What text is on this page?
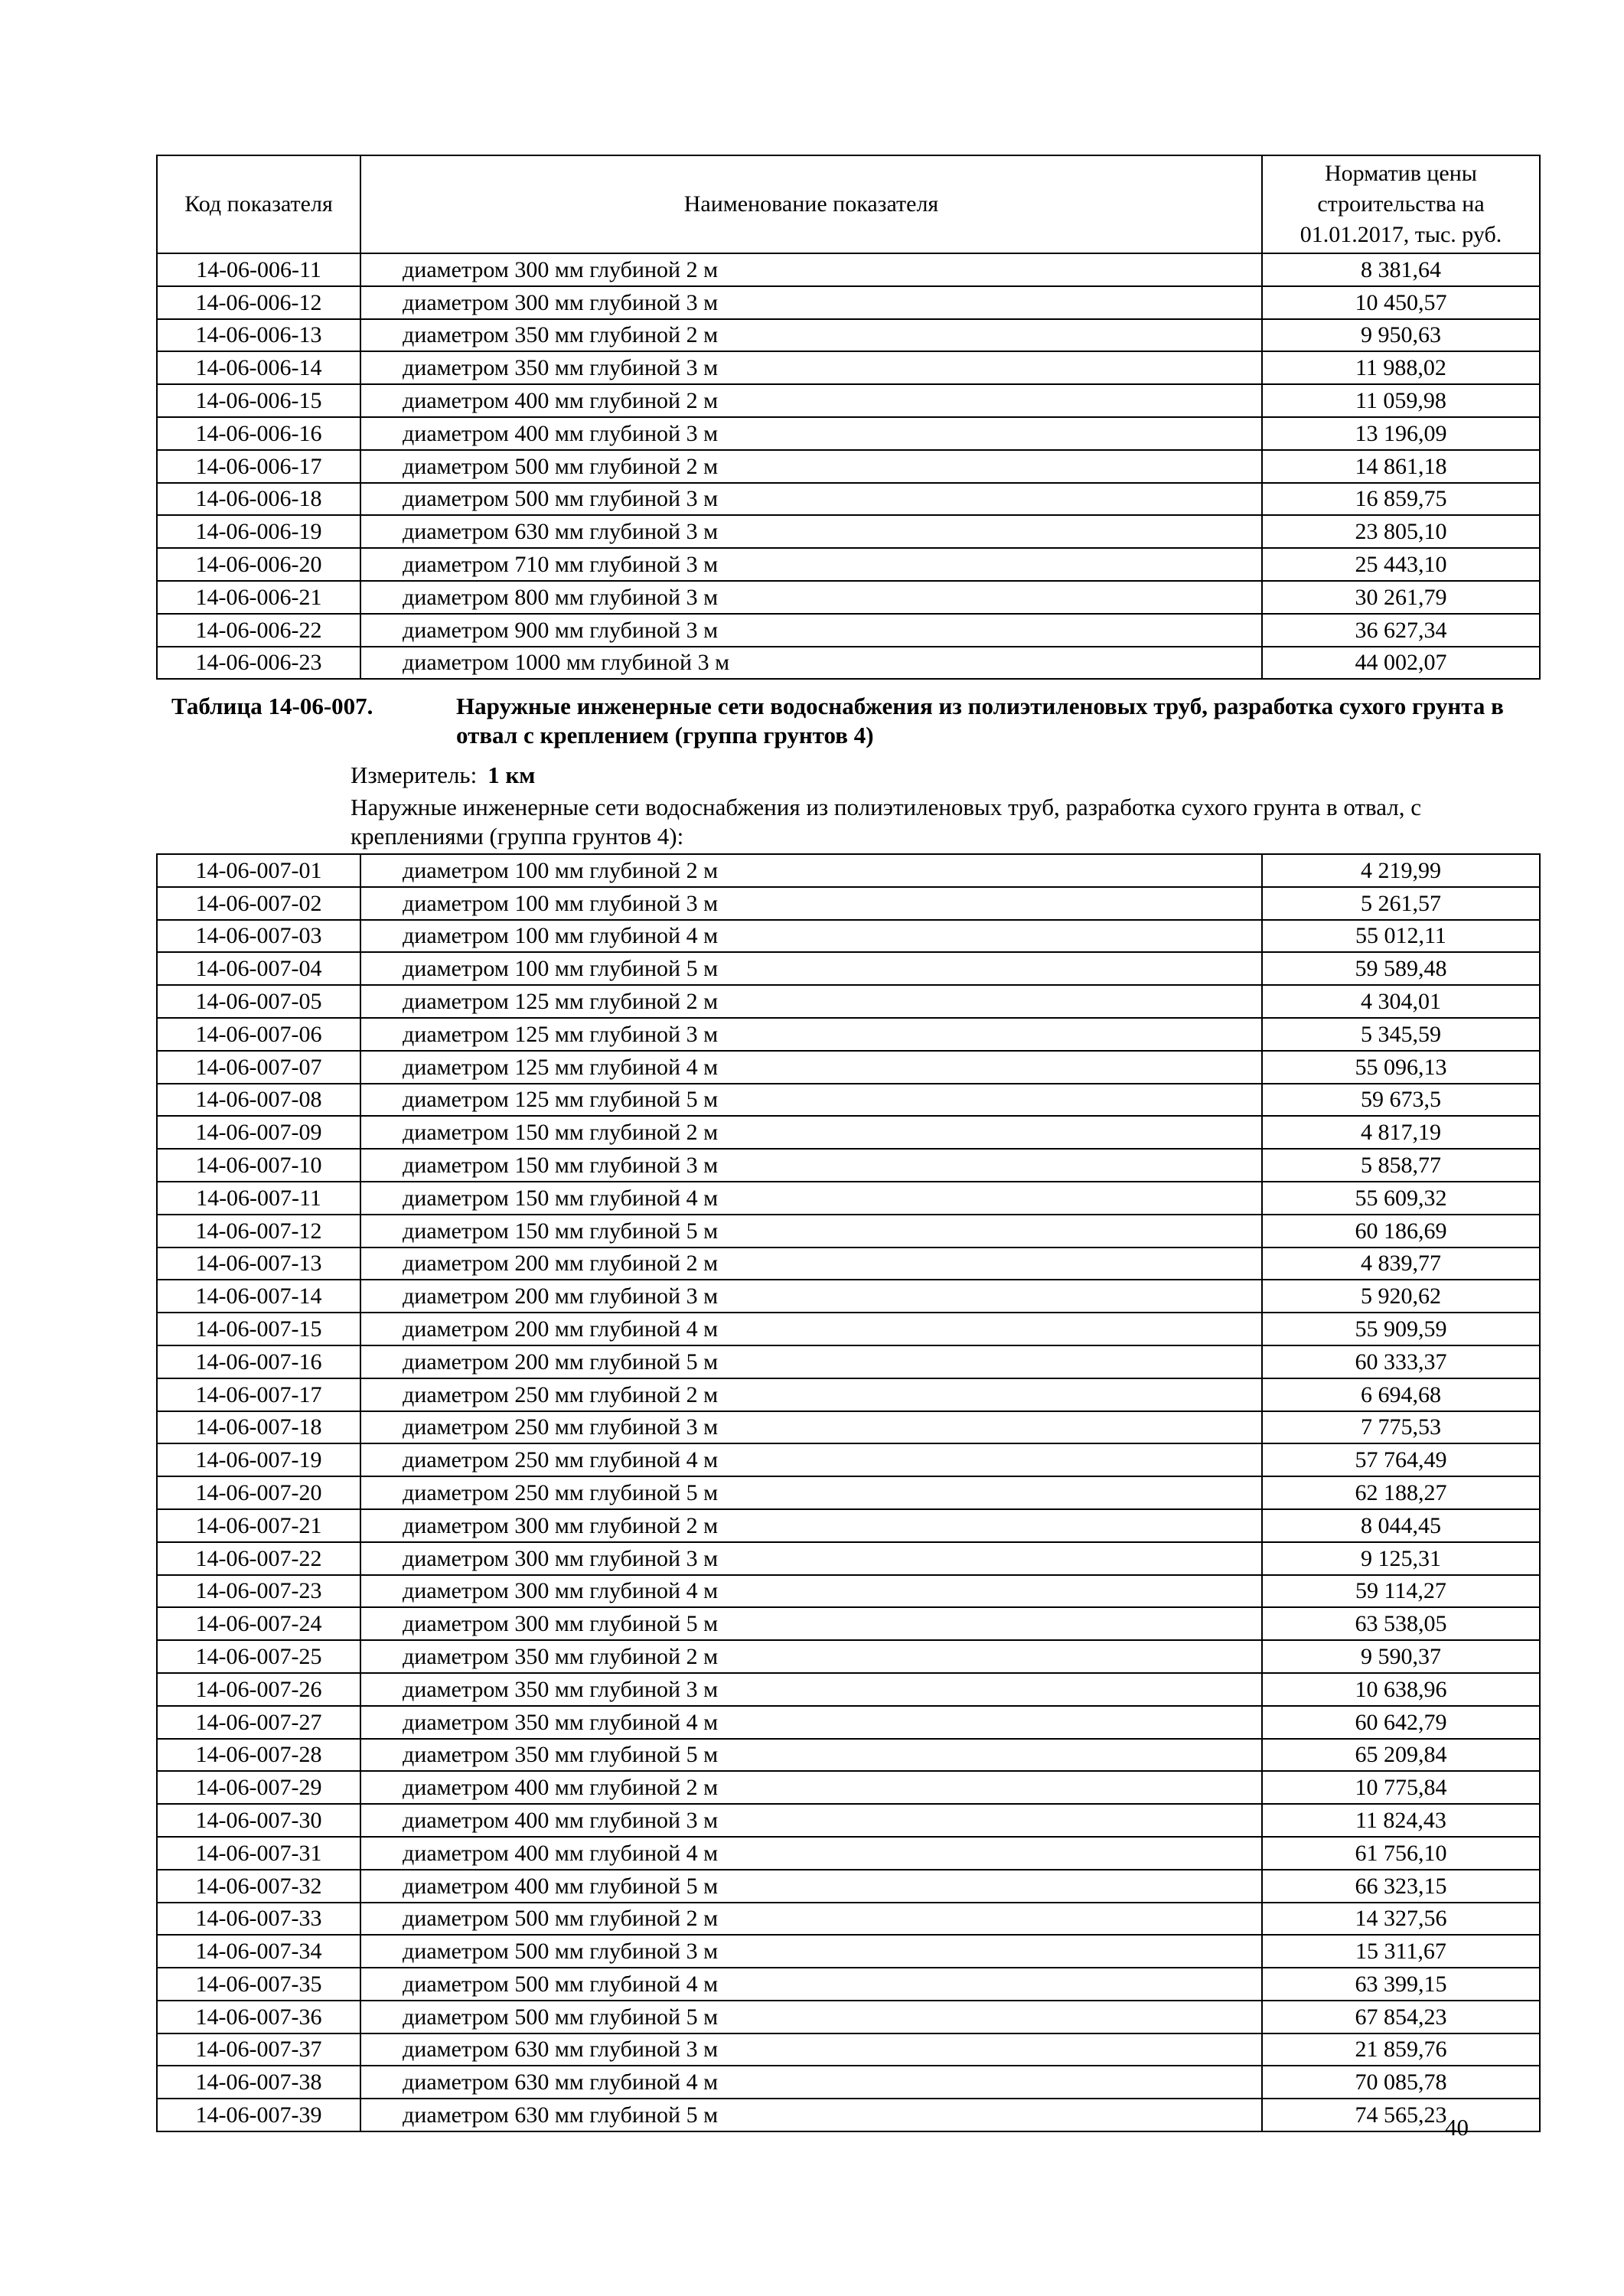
Код показателя	Наименование показателя	Норматив цены строительства на 01.01.2017, тыс. руб.
14-06-006-11	диаметром 300 мм глубиной 2 м	8 381,64
14-06-006-12	диаметром 300 мм глубиной 3 м	10 450,57
14-06-006-13	диаметром 350 мм глубиной 2 м	9 950,63
14-06-006-14	диаметром 350 мм глубиной 3 м	11 988,02
14-06-006-15	диаметром 400 мм глубиной 2 м	11 059,98
14-06-006-16	диаметром 400 мм глубиной 3 м	13 196,09
14-06-006-17	диаметром 500 мм глубиной 2 м	14 861,18
14-06-006-18	диаметром 500 мм глубиной 3 м	16 859,75
14-06-006-19	диаметром 630 мм глубиной 3 м	23 805,10
14-06-006-20	диаметром 710 мм глубиной 3 м	25 443,10
14-06-006-21	диаметром 800 мм глубиной 3 м	30 261,79
14-06-006-22	диаметром 900 мм глубиной 3 м	36 627,34
14-06-006-23	диаметром 1000 мм глубиной 3 м	44 002,07
Таблица 14-06-007.	Наружные инженерные сети водоснабжения из полиэтиленовых труб, разработка сухого грунта в отвал с креплением (группа грунтов 4)
Измеритель: 1 км
Наружные инженерные сети водоснабжения из полиэтиленовых труб, разработка сухого грунта в отвал, с креплениями (группа грунтов 4):
14-06-007-01	диаметром 100 мм глубиной 2 м	4 219,99
14-06-007-02	диаметром 100 мм глубиной 3 м	5 261,57
14-06-007-03	диаметром 100 мм глубиной 4 м	55 012,11
14-06-007-04	диаметром 100 мм глубиной 5 м	59 589,48
14-06-007-05	диаметром 125 мм глубиной 2 м	4 304,01
14-06-007-06	диаметром 125 мм глубиной 3 м	5 345,59
14-06-007-07	диаметром 125 мм глубиной 4 м	55 096,13
14-06-007-08	диаметром 125 мм глубиной 5 м	59 673,5
14-06-007-09	диаметром 150 мм глубиной 2 м	4 817,19
14-06-007-10	диаметром 150 мм глубиной 3 м	5 858,77
14-06-007-11	диаметром 150 мм глубиной 4 м	55 609,32
14-06-007-12	диаметром 150 мм глубиной 5 м	60 186,69
14-06-007-13	диаметром 200 мм глубиной 2 м	4 839,77
14-06-007-14	диаметром 200 мм глубиной 3 м	5 920,62
14-06-007-15	диаметром 200 мм глубиной 4 м	55 909,59
14-06-007-16	диаметром 200 мм глубиной 5 м	60 333,37
14-06-007-17	диаметром 250 мм глубиной 2 м	6 694,68
14-06-007-18	диаметром 250 мм глубиной 3 м	7 775,53
14-06-007-19	диаметром 250 мм глубиной 4 м	57 764,49
14-06-007-20	диаметром 250 мм глубиной 5 м	62 188,27
14-06-007-21	диаметром 300 мм глубиной 2 м	8 044,45
14-06-007-22	диаметром 300 мм глубиной 3 м	9 125,31
14-06-007-23	диаметром 300 мм глубиной 4 м	59 114,27
14-06-007-24	диаметром 300 мм глубиной 5 м	63 538,05
14-06-007-25	диаметром 350 мм глубиной 2 м	9 590,37
14-06-007-26	диаметром 350 мм глубиной 3 м	10 638,96
14-06-007-27	диаметром 350 мм глубиной 4 м	60 642,79
14-06-007-28	диаметром 350 мм глубиной 5 м	65 209,84
14-06-007-29	диаметром 400 мм глубиной 2 м	10 775,84
14-06-007-30	диаметром 400 мм глубиной 3 м	11 824,43
14-06-007-31	диаметром 400 мм глубиной 4 м	61 756,10
14-06-007-32	диаметром 400 мм глубиной 5 м	66 323,15
14-06-007-33	диаметром 500 мм глубиной 2 м	14 327,56
14-06-007-34	диаметром 500 мм глубиной 3 м	15 311,67
14-06-007-35	диаметром 500 мм глубиной 4 м	63 399,15
14-06-007-36	диаметром 500 мм глубиной 5 м	67 854,23
14-06-007-37	диаметром 630 мм глубиной 3 м	21 859,76
14-06-007-38	диаметром 630 мм глубиной 4 м	70 085,78
14-06-007-39	диаметром 630 мм глубиной 5 м	74 565,23
40
